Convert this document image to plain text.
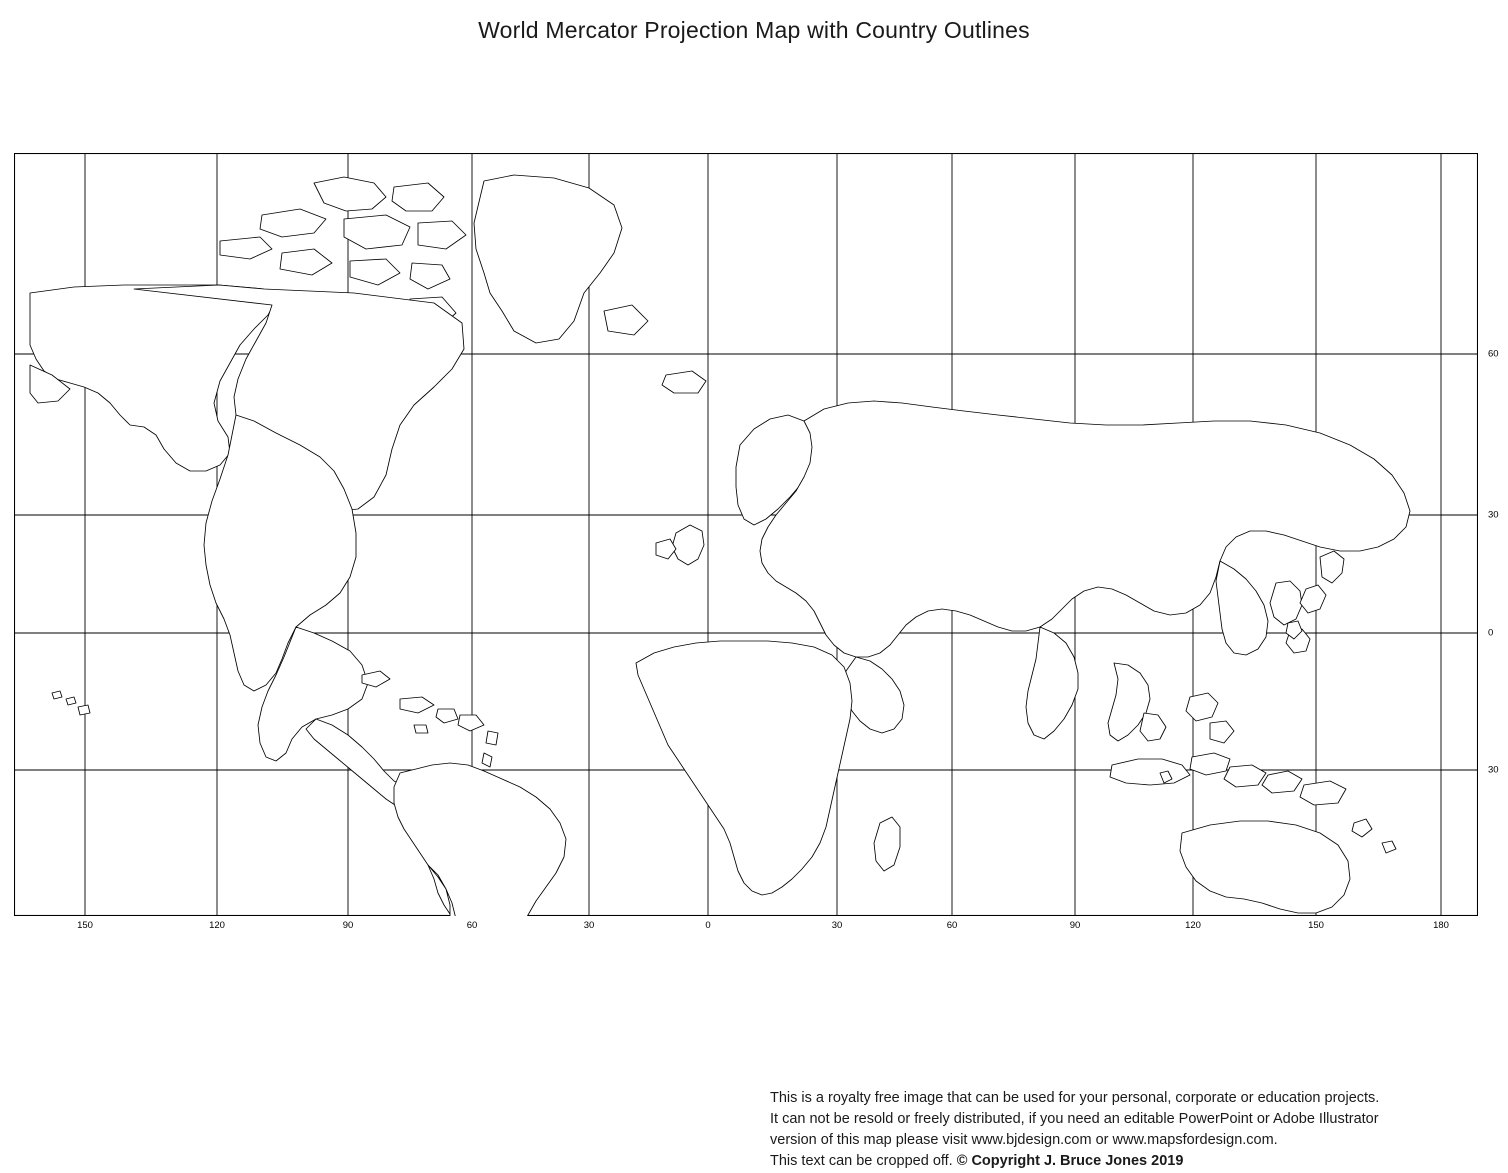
World Mercator Projection Map with Country Outlines
150	120	90	60	30	0	30	60	90	120	150	180
60
30
0
30
This is a royalty free image that can be used for your personal, corporate or education projects.
It can not be resold or freely distributed, if you need an editable PowerPoint or Adobe Illustrator
version of this map please visit www.bjdesign.com or www.mapsfordesign.com.
This text can be cropped off. © Copyright J. Bruce Jones 2019
